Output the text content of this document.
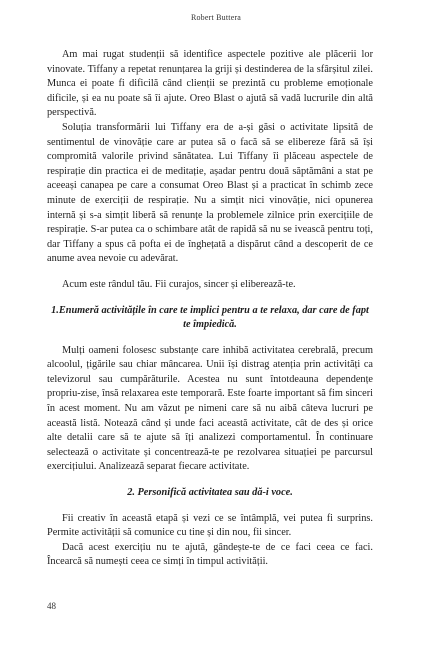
Robert Buttera

Am mai rugat studenții să identifice aspectele pozitive ale plăcerii lor vinovate. Tiffany a repetat renunțarea la griji și destinderea de la sfârșitul zilei. Munca ei poate fi dificilă când clienții se prezintă cu probleme emoționale dificile, și ea nu poate să îi ajute. Oreo Blast o ajută să vadă lucrurile din altă perspectivă.

Soluția transformării lui Tiffany era de a-și găsi o activitate lipsită de sentimentul de vinovăție care ar putea să o facă să se elibereze fără să își compromită valorile privind sănătatea. Lui Tiffany îi plăceau aspectele de respirație din practica ei de meditație, așadar pentru două săptămâni a stat pe aceeași canapea pe care a consumat Oreo Blast și a practicat în schimb zece minute de exerciții de respirație. Nu a simțit nici vinovăție, nici opunerea internă și s-a simțit liberă să renunțe la problemele zilnice prin exercițiile de respirație. S-ar putea ca o schimbare atât de rapidă să nu se ivească pentru toți, dar Tiffany a spus că pofta ei de înghețată a dispărut când a descoperit de ce anume avea nevoie cu adevărat.

Acum este rândul tău. Fii curajos, sincer și eliberează-te.

1.Enumeră activitățile în care te implici pentru a te relaxa, dar care de fapt te împiedică.

Mulți oameni folosesc substanțe care inhibă activitatea cerebrală, precum alcoolul, țigările sau chiar mâncarea. Unii își distrag atenția prin activități ca televizorul sau cumpărăturile. Acestea nu sunt întotdeauna dependențe propriu-zise, însă relaxarea este temporară. Este foarte important să fim sinceri în acest moment. Nu am văzut pe nimeni care să nu aibă câteva lucruri pe această listă. Notează când și unde faci această activitate, cât de des și orice alte detalii care să te ajute să îți analizezi comportamentul. În continuare selectează o activitate și concentrează-te pe rezolvarea situației pe parcursul exercițiului. Analizează separat fiecare activitate.

2. Personifică activitatea sau dă-i voce.

Fii creativ în această etapă și vezi ce se întâmplă, vei putea fi surprins. Permite activității să comunice cu tine și din nou, fii sincer.

Dacă acest exercițiu nu te ajută, gândește-te de ce faci ceea ce faci. Încearcă să numești ceea ce simți în timpul activității.

48
